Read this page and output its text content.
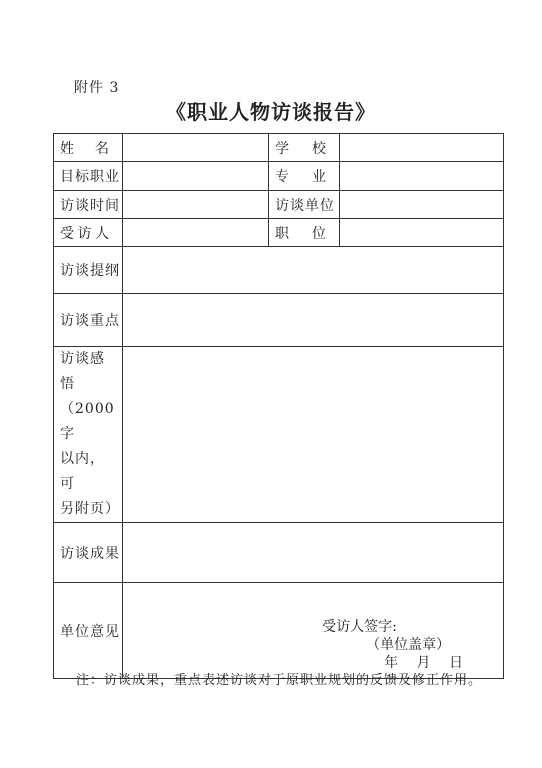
附件 3
《职业人物访谈报告》
姓 名		学 校	

目标职业		专 业	

访谈时间		访谈单位	

受 访 人		职 位	

访谈提纲			
访谈重点			

访谈感悟
（2000 字
以内，可
另附页）			

访谈成果			
单位意见	受访人签字:
（单位盖章）
年 月 日		
注：访谈成果，重点表述访谈对于原职业规划的反馈及修正作用。
